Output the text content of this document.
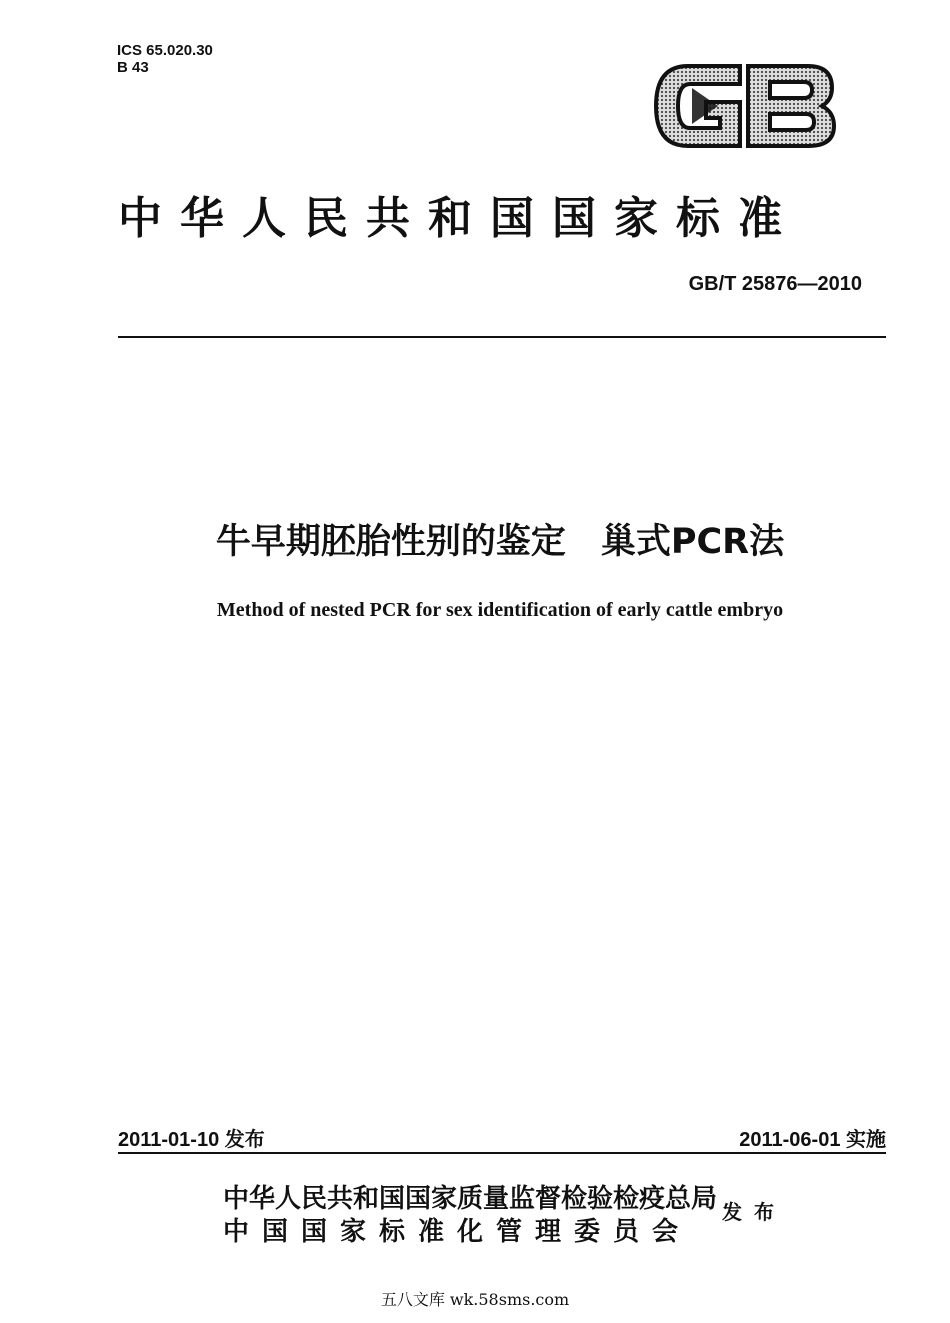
ICS 65.020.30
B 43
中华人民共和国国家标准
GB/T 25876—2010
牛早期胚胎性别的鉴定　巢式PCR法
Method of nested PCR for sex identification of early cattle embryo
2011-01-10 发布	2011-06-01 实施
中华人民共和国国家质量监督检验检疫总局
中国国家标准化管理委员会
发布
五八文库 wk.58sms.com
